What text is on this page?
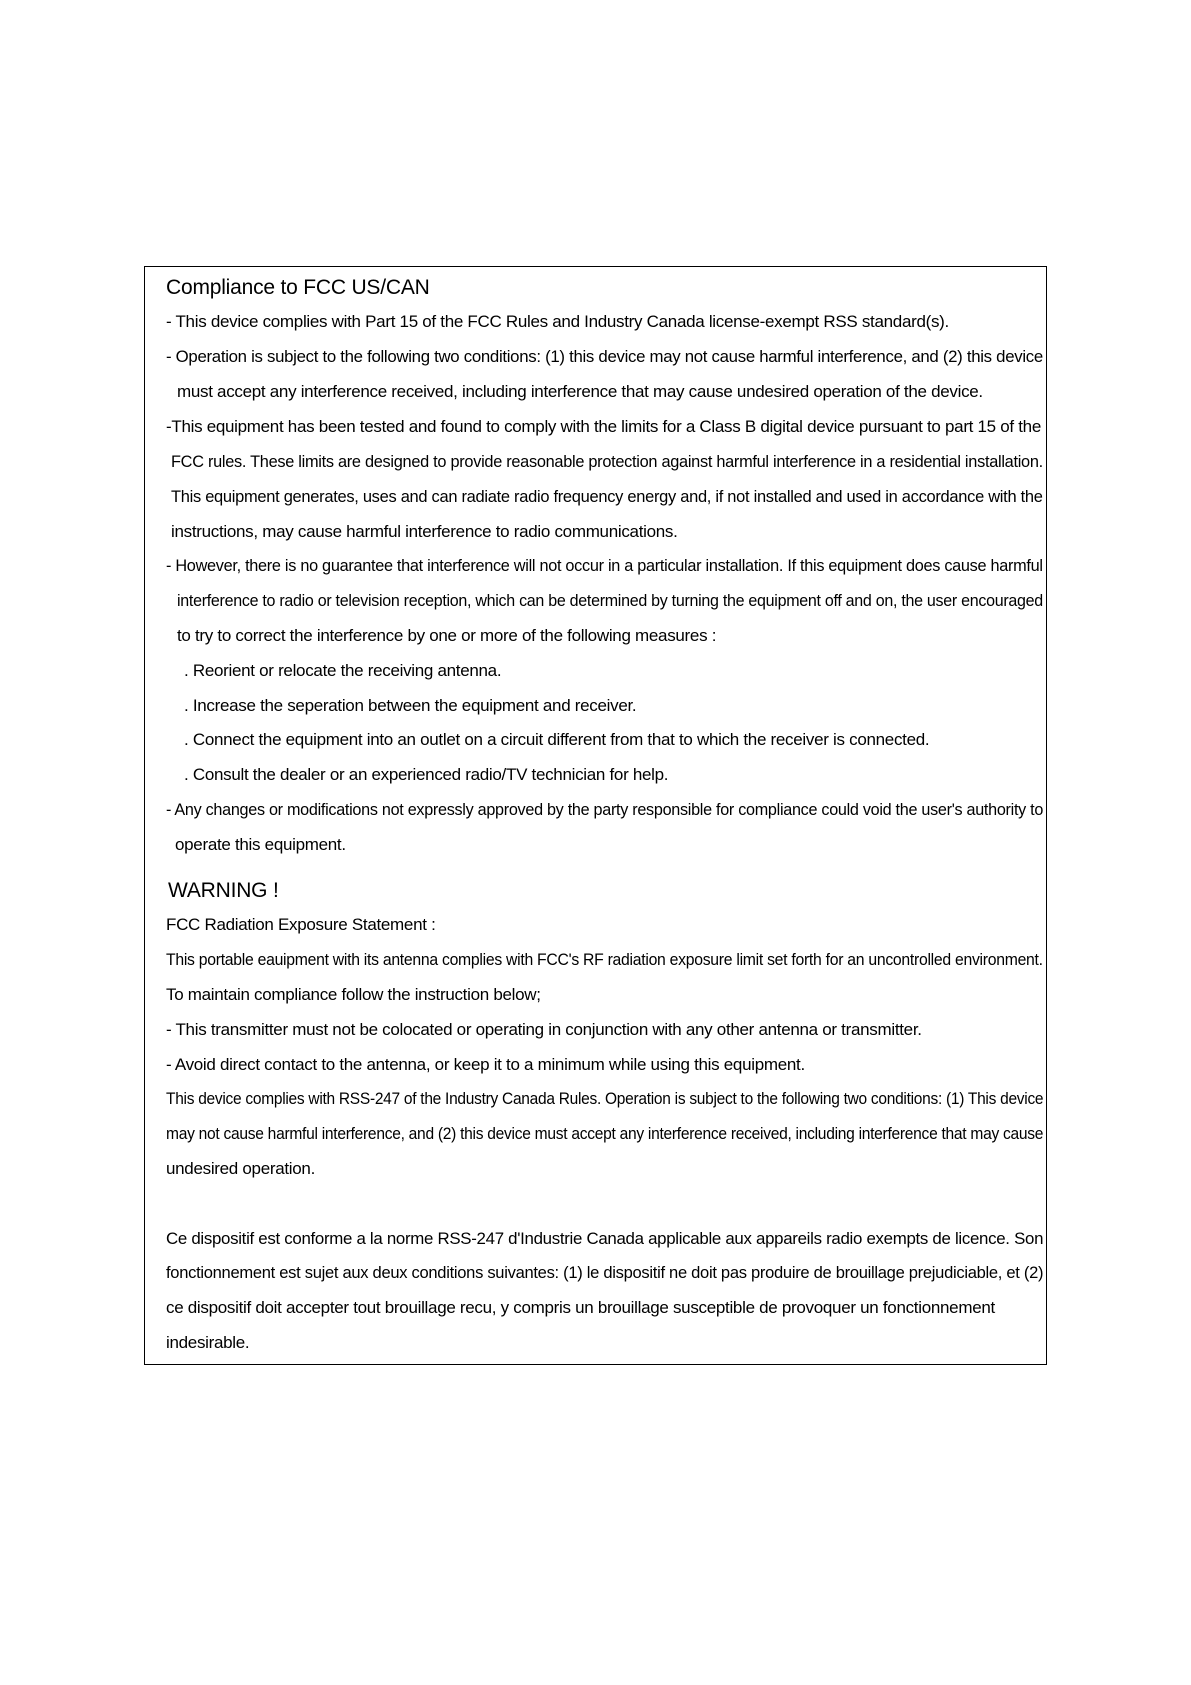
Compliance to FCC US/CAN
- This device complies with Part 15 of the FCC Rules and Industry Canada license-exempt RSS standard(s).
- Operation is subject to the following two conditions: (1) this device may not cause harmful interference, and (2) this device
must accept any interference received, including interference that may cause undesired operation of the device.
-This equipment has been tested and found to comply with the limits for a Class B digital device pursuant to part 15 of the
FCC rules. These limits are designed to provide reasonable protection against harmful interference in a residential installation.
This equipment generates, uses and can radiate radio frequency energy and, if not installed and used in accordance with the
instructions, may cause harmful interference to radio communications.
- However, there is no guarantee that interference will not occur in a particular installation. If this equipment does cause harmful
interference to radio or television reception, which can be determined by turning the equipment off and on, the user encouraged
to try to correct the interference by one or more of the following measures :
. Reorient or relocate the receiving antenna.
. Increase the seperation between the equipment and receiver.
. Connect the equipment into an outlet on a circuit different from that to which the receiver is connected.
. Consult the dealer or an experienced radio/TV technician for help.
- Any changes or modifications not expressly approved by the party responsible for compliance could void the user's authority to
operate this equipment.
WARNING !
FCC Radiation Exposure Statement :
This portable eauipment with its antenna complies with FCC's RF radiation exposure limit set forth for an uncontrolled environment.
To maintain compliance follow the instruction below;
- This transmitter must not be colocated or operating in conjunction with any other antenna or transmitter.
- Avoid direct contact to the antenna, or keep it to a minimum while using this equipment.
This device complies with RSS-247 of the Industry Canada Rules. Operation is subject to the following two conditions: (1) This device
may not cause harmful interference, and (2) this device must accept any interference received, including interference that may cause
undesired operation.
Ce dispositif est conforme a la norme RSS-247 d'Industrie Canada applicable aux appareils radio exempts de licence. Son
fonctionnement est sujet aux deux conditions suivantes: (1) le dispositif ne doit pas produire de brouillage prejudiciable, et (2)
ce dispositif doit accepter tout brouillage recu, y compris un brouillage susceptible de provoquer un fonctionnement
indesirable.
